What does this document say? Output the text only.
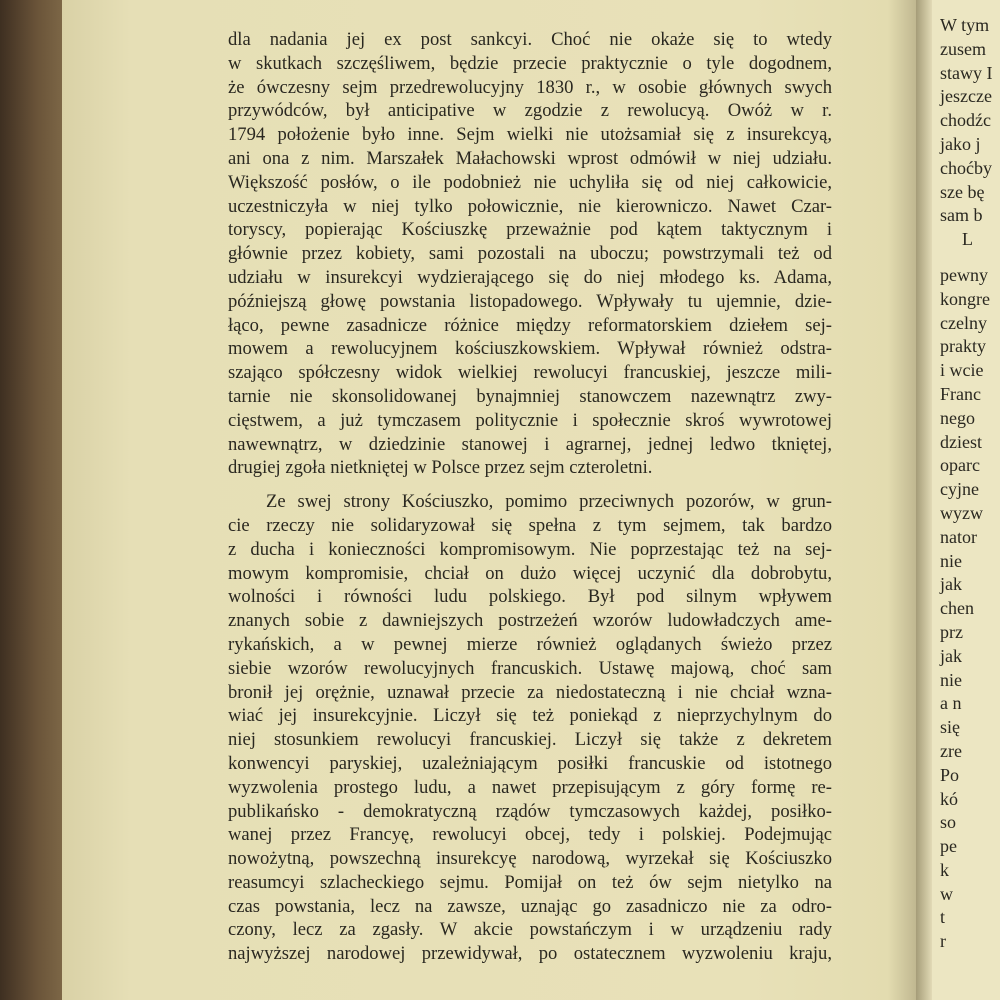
dla nadania jej ex post sankcyi. Choć nie okaże się to wtedy
w skutkach szczęśliwem, będzie przecie praktycznie o tyle dogodnem,
że ówczesny sejm przedrewolucyjny 1830 r., w osobie głównych swych
przywódców, był anticipative w zgodzie z rewolucyą. Owóż w r.
1794 położenie było inne. Sejm wielki nie utożsamiał się z insurekcyą,
ani ona z nim. Marszałek Małachowski wprost odmówił w niej udziału.
Większość posłów, o ile podobnież nie uchyliła się od niej całkowicie,
uczestniczyła w niej tylko połowicznie, nie kierowniczo. Nawet Czar-
toryscy, popierając Kościuszkę przeważnie pod kątem taktycznym i
głównie przez kobiety, sami pozostali na uboczu; powstrzymali też od
udziału w insurekcyi wydzierającego się do niej młodego ks. Adama,
późniejszą głowę powstania listopadowego. Wpływały tu ujemnie, dzie-
łąco, pewne zasadnicze różnice między reformatorskiem dziełem sej-
mowem a rewolucyjnem kościuszkowskiem. Wpływał również odstra-
szająco spółczesny widok wielkiej rewolucyi francuskiej, jeszcze mili-
tarnie nie skonsolidowanej bynajmniej stanowczem nazewnątrz zwy-
cięstwem, a już tymczasem politycznie i społecznie skroś wywrotowej
nawewnątrz, w dziedzinie stanowej i agrarnej, jednej ledwo tkniętej,
drugiej zgoła nietkniętej w Polsce przez sejm czteroletni.
Ze swej strony Kościuszko, pomimo przeciwnych pozorów, w grun-
cie rzeczy nie solidaryzował się spełna z tym sejmem, tak bardzo
z ducha i konieczności kompromisowym. Nie poprzestając też na sej-
mowym kompromisie, chciał on dużo więcej uczynić dla dobrobytu,
wolności i równości ludu polskiego. Był pod silnym wpływem
znanych sobie z dawniejszych postrzeżeń wzorów ludowładczych ame-
rykańskich, a w pewnej mierze również oglądanych świeżo przez
siebie wzorów rewolucyjnych francuskich. Ustawę majową, choć sam
bronił jej orężnie, uznawał przecie za niedostateczną i nie chciał wzna-
wiać jej insurekcyjnie. Liczył się też poniekąd z nieprzychylnym do
niej stosunkiem rewolucyi francuskiej. Liczył się także z dekretem
konwencyi paryskiej, uzależniającym posiłki francuskie od istotnego
wyzwolenia prostego ludu, a nawet przepisującym z góry formę re-
publikańsko - demokratyczną rządów tymczasowych każdej, posiłko-
wanej przez Francyę, rewolucyi obcej, tedy i polskiej. Podejmując
nowożytną, powszechną insurekcyę narodową, wyrzekał się Kościuszko
reasumcyi szlacheckiego sejmu. Pomijał on też ów sejm nietylko na
czas powstania, lecz na zawsze, uznając go zasadniczo nie za odro-
czony, lecz za zgasły. W akcie powstańczym i w urządzeniu rady
najwyższej narodowej przewidywał, po ostatecznem wyzwoleniu kraju,
W tym
zusem
stawy I
jeszcze
chodźc
jako j
choćby
sze bę
sam b
L
pewny
kongre
czelny
prakty
i wcie
Franc
nego
dziest
oparc
cyjne
wyzw
nator
nie
jak
chen
prz
jak
nie
a n
się
zre
Po
kó
so
pe
k
w
t
r
